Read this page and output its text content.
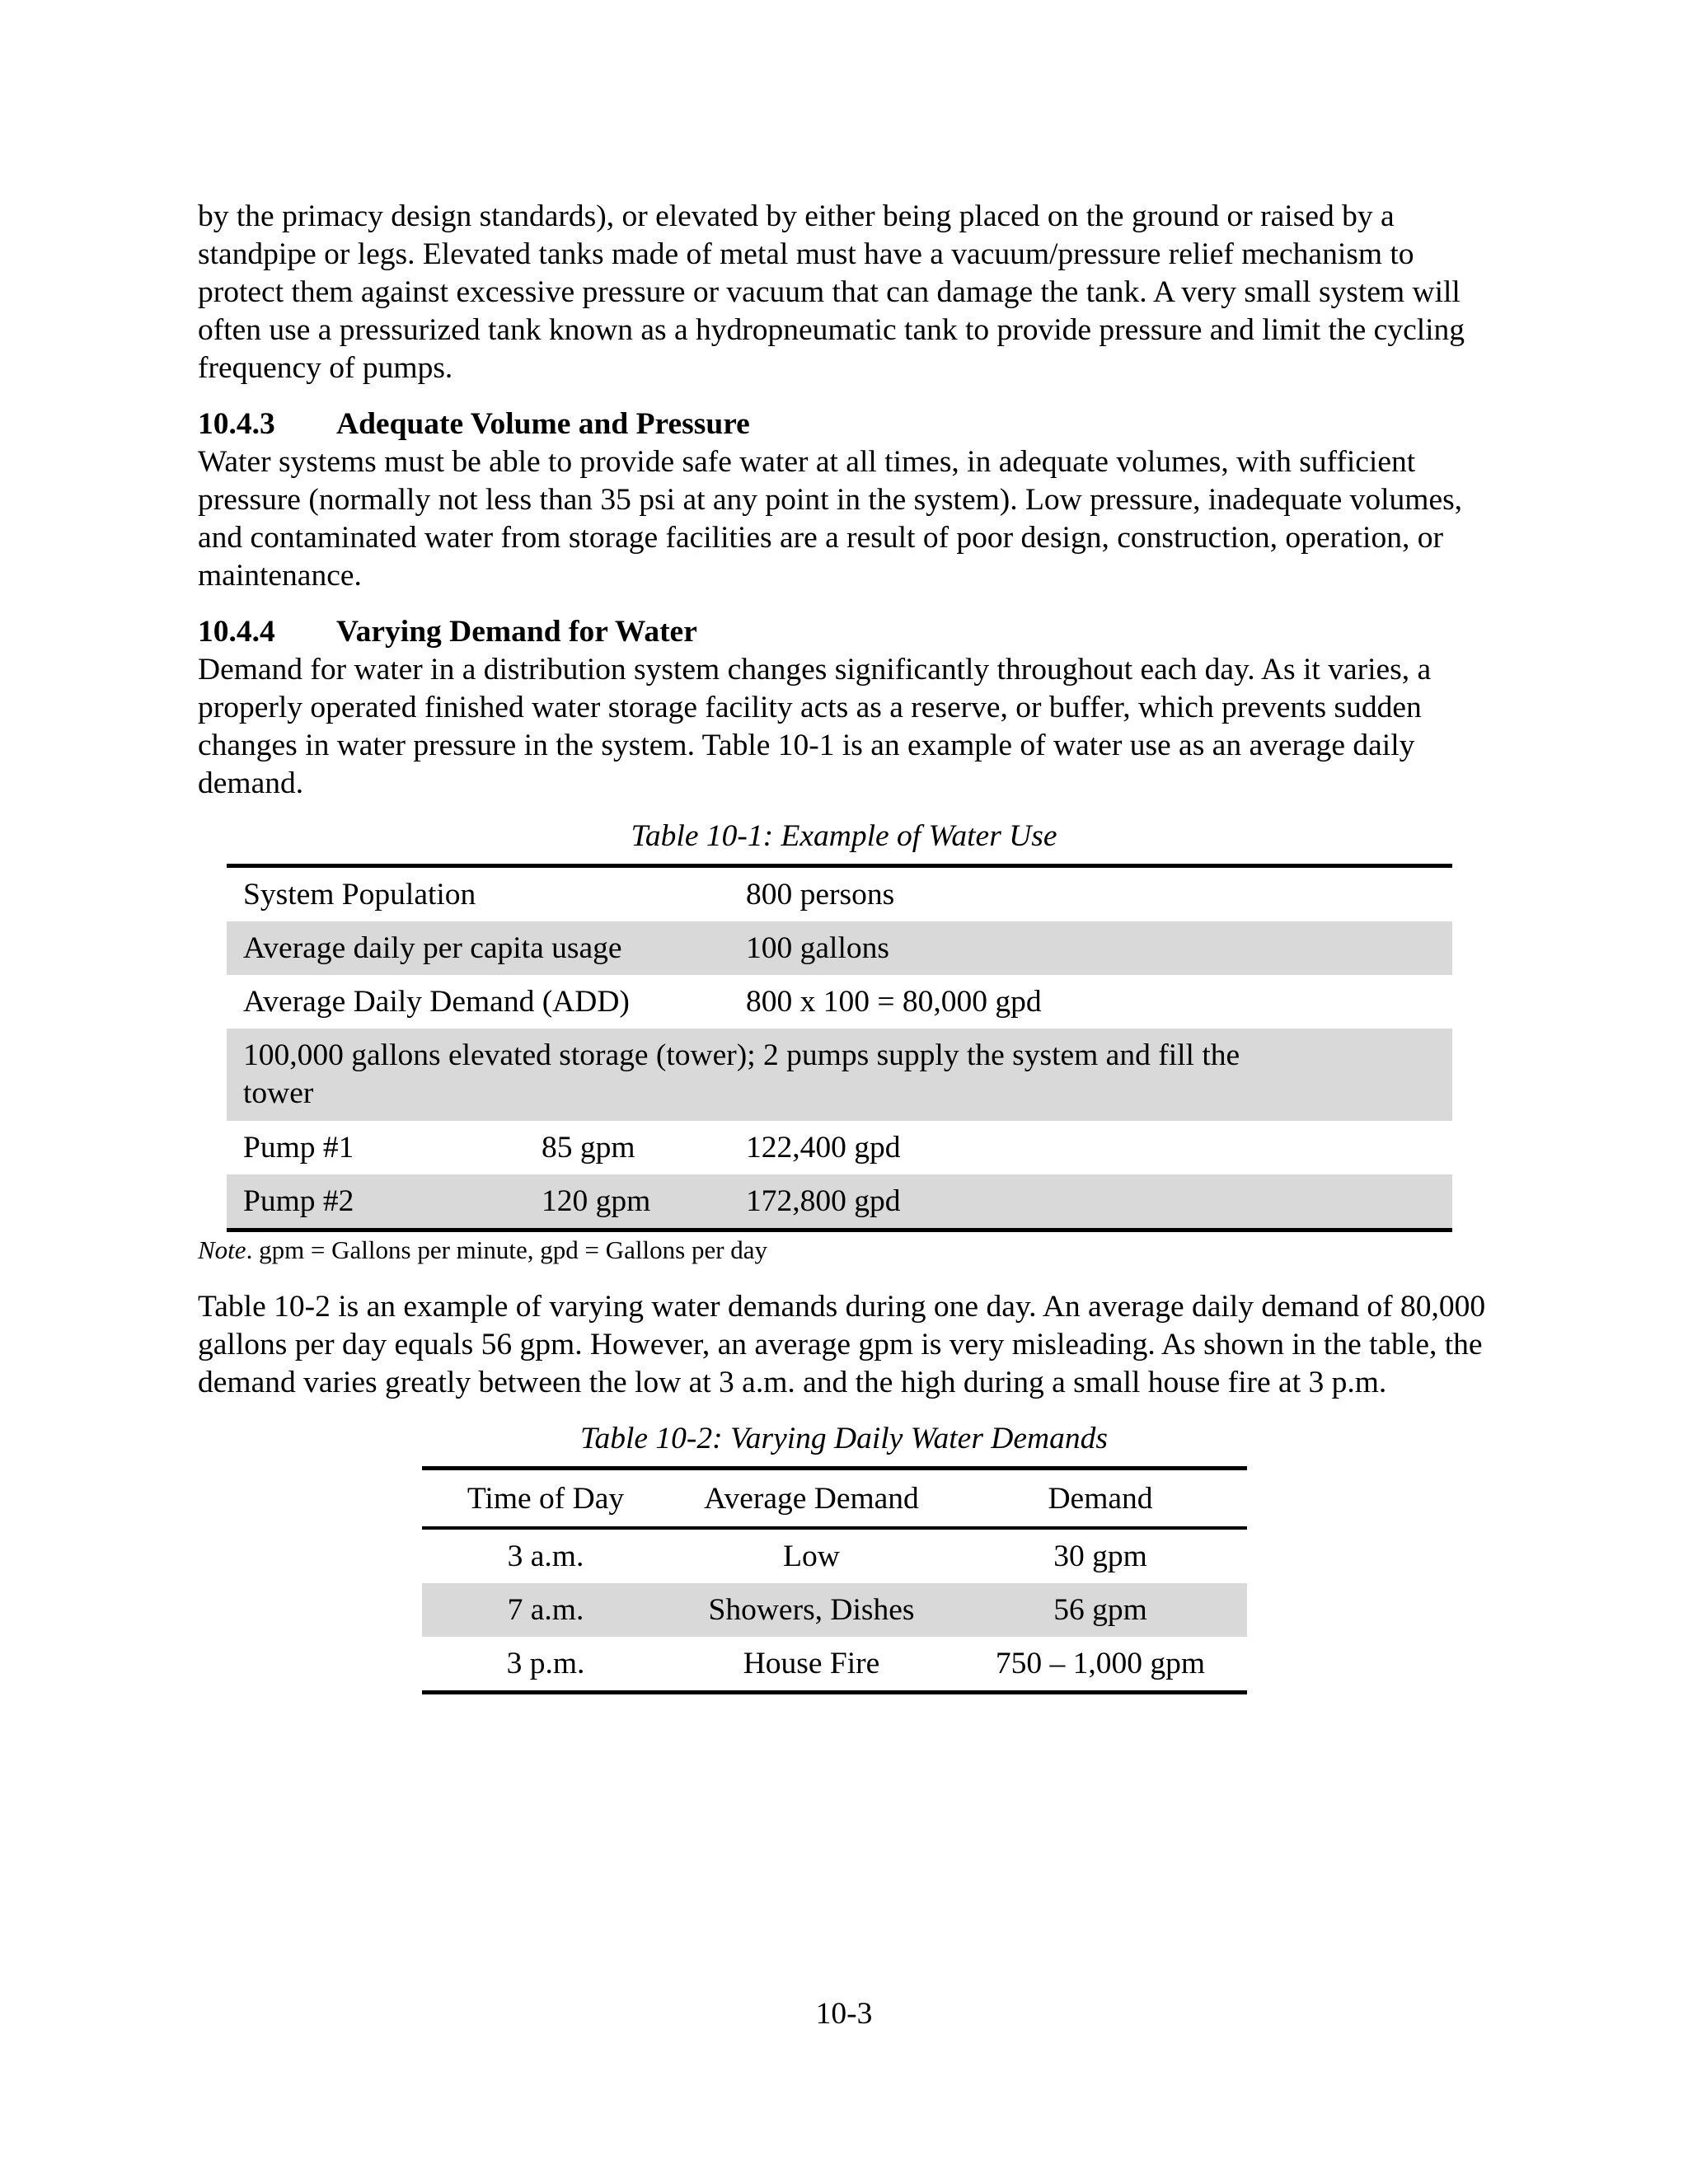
by the primacy design standards), or elevated by either being placed on the ground or raised by a standpipe or legs. Elevated tanks made of metal must have a vacuum/pressure relief mechanism to protect them against excessive pressure or vacuum that can damage the tank. A very small system will often use a pressurized tank known as a hydropneumatic tank to provide pressure and limit the cycling frequency of pumps.

10.4.3	Adequate Volume and Pressure

Water systems must be able to provide safe water at all times, in adequate volumes, with sufficient pressure (normally not less than 35 psi at any point in the system). Low pressure, inadequate volumes, and contaminated water from storage facilities are a result of poor design, construction, operation, or maintenance.

10.4.4	Varying Demand for Water

Demand for water in a distribution system changes significantly throughout each day. As it varies, a properly operated finished water storage facility acts as a reserve, or buffer, which prevents sudden changes in water pressure in the system. Table 10-1 is an example of water use as an average daily demand.

Table 10-1: Example of Water Use
System Population	800 persons
Average daily per capita usage	100 gallons
Average Daily Demand (ADD)	800 x 100 = 80,000 gpd
100,000 gallons elevated storage (tower); 2 pumps supply the system and fill the tower
Pump #1	85 gpm	122,400 gpd
Pump #2	120 gpm	172,800 gpd
Note. gpm = Gallons per minute, gpd = Gallons per day

Table 10-2 is an example of varying water demands during one day. An average daily demand of 80,000 gallons per day equals 56 gpm. However, an average gpm is very misleading. As shown in the table, the demand varies greatly between the low at 3 a.m. and the high during a small house fire at 3 p.m.

Table 10-2: Varying Daily Water Demands
Time of Day	Average Demand	Demand
3 a.m.	Low	30 gpm
7 a.m.	Showers, Dishes	56 gpm
3 p.m.	House Fire	750 – 1,000 gpm
10-3
